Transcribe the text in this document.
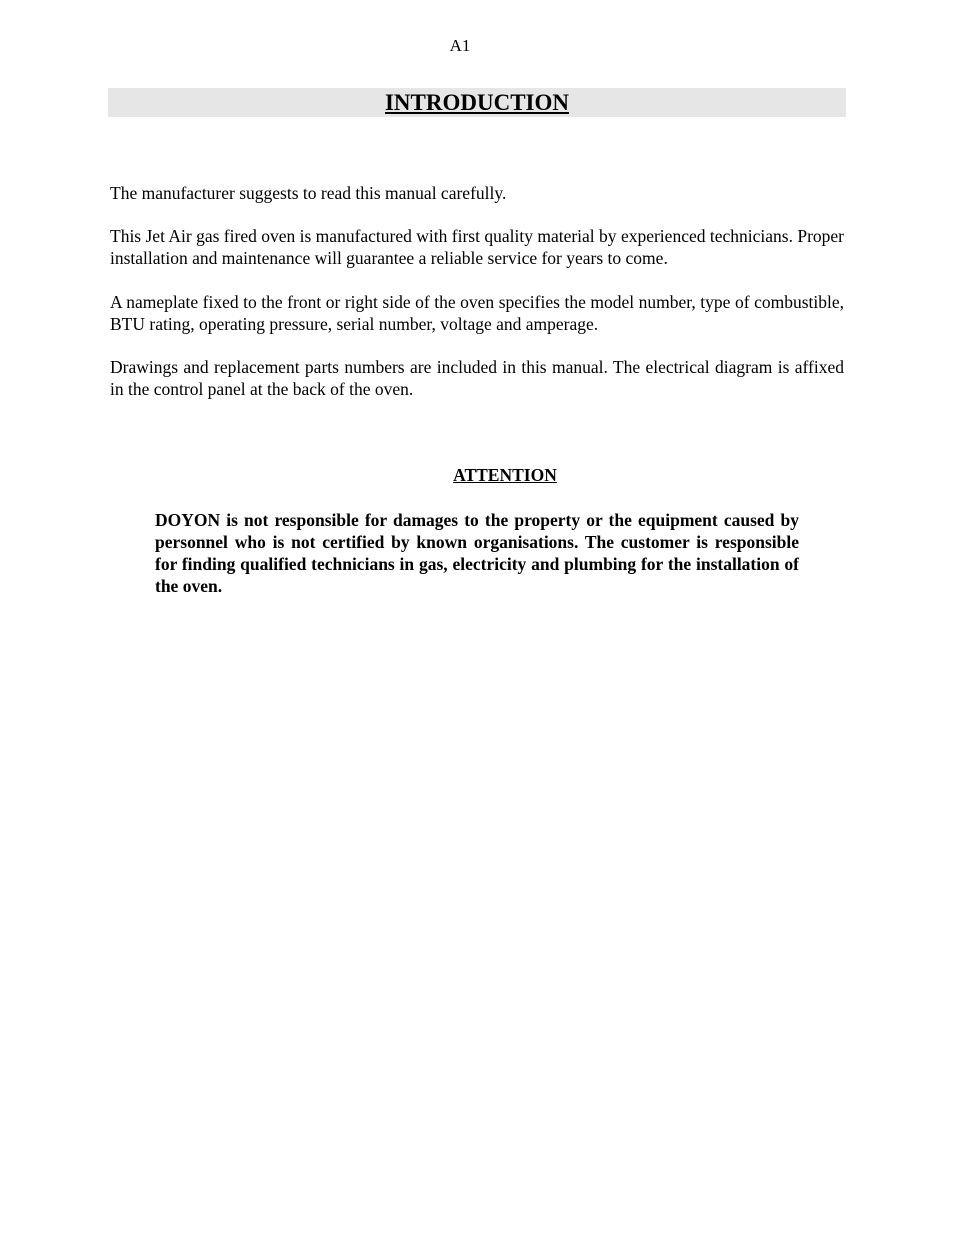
A1
INTRODUCTION

The manufacturer suggests to read this manual carefully.

This Jet Air gas fired oven is manufactured with first quality material by experienced technicians. Proper installation and maintenance will guarantee a reliable service for years to come.

A nameplate fixed to the front or right side of the oven specifies the model number, type of combustible, BTU rating, operating pressure, serial number, voltage and amperage.

Drawings and replacement parts numbers are included in this manual. The electrical diagram is affixed in the control panel at the back of the oven.

ATTENTION

DOYON is not responsible for damages to the property or the equipment caused by personnel who is not certified by known organisations. The customer is responsible for finding qualified technicians in gas, electricity and plumbing for the installation of the oven.
